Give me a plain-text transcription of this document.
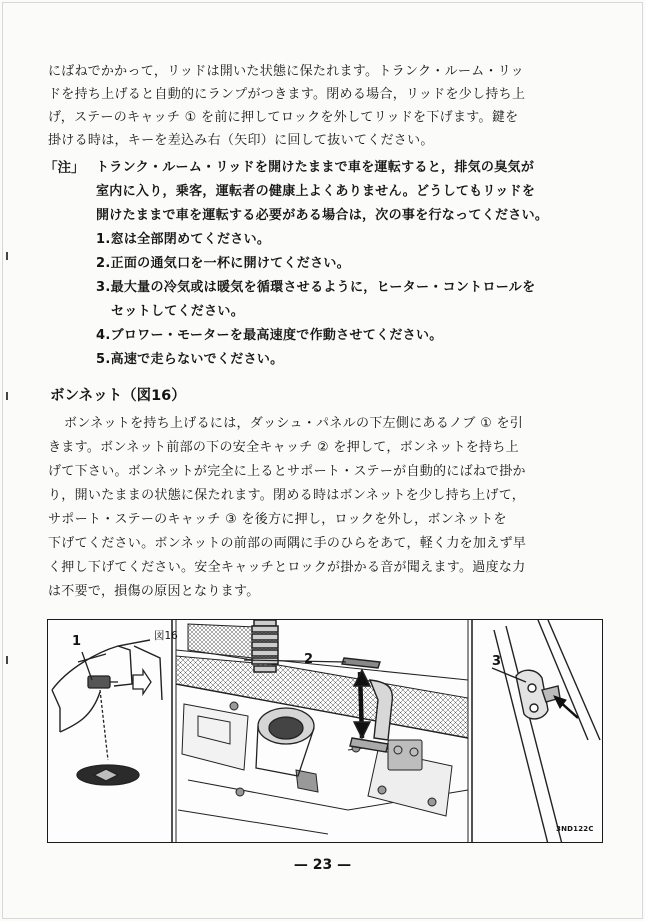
にばねでかかって，リッドは開いた状態に保たれます。トランク・ルーム・リッ
ドを持ち上げると自動的にランプがつきます。閉める場合，リッドを少し持ち上
げ，ステーのキャッチ ① を前に押してロックを外してリッドを下げます。鍵を
掛ける時は，キーを差込み右（矢印）に回して抜いてください。
「注」 トランク・ルーム・リッドを開けたままで車を運転すると，排気の臭気が
室内に入り，乗客，運転者の健康上よくありません。どうしてもリッドを
開けたままで車を運転する必要がある場合は，次の事を行なってください。
1.窓は全部閉めてください。
2.正面の通気口を一杯に開けてください。
3.最大量の冷気或は暖気を循環させるように，ヒーター・コントロールを
セットしてください。
4.ブロワー・モーターを最高速度で作動させてください。
5.高速で走らないでください。
ボンネット（図16）
ボンネットを持ち上げるには，ダッシュ・パネルの下左側にあるノブ ① を引
きます。ボンネット前部の下の安全キャッチ ② を押して，ボンネットを持ち上
げて下さい。ボンネットが完全に上るとサポート・ステーが自動的にばねで掛か
り，開いたままの状態に保たれます。閉める時はボンネットを少し持ち上げて，
サポート・ステーのキャッチ ③ を後方に押し，ロックを外し，ボンネットを
下げてください。ボンネットの前部の両隅に手のひらをあて，軽く力を加えず早
く押し下げてください。安全キャッチとロックが掛かる音が聞えます。過度な力
は不要で，損傷の原因となります。
図16
1
2	3
3ND122C
— 23 —
